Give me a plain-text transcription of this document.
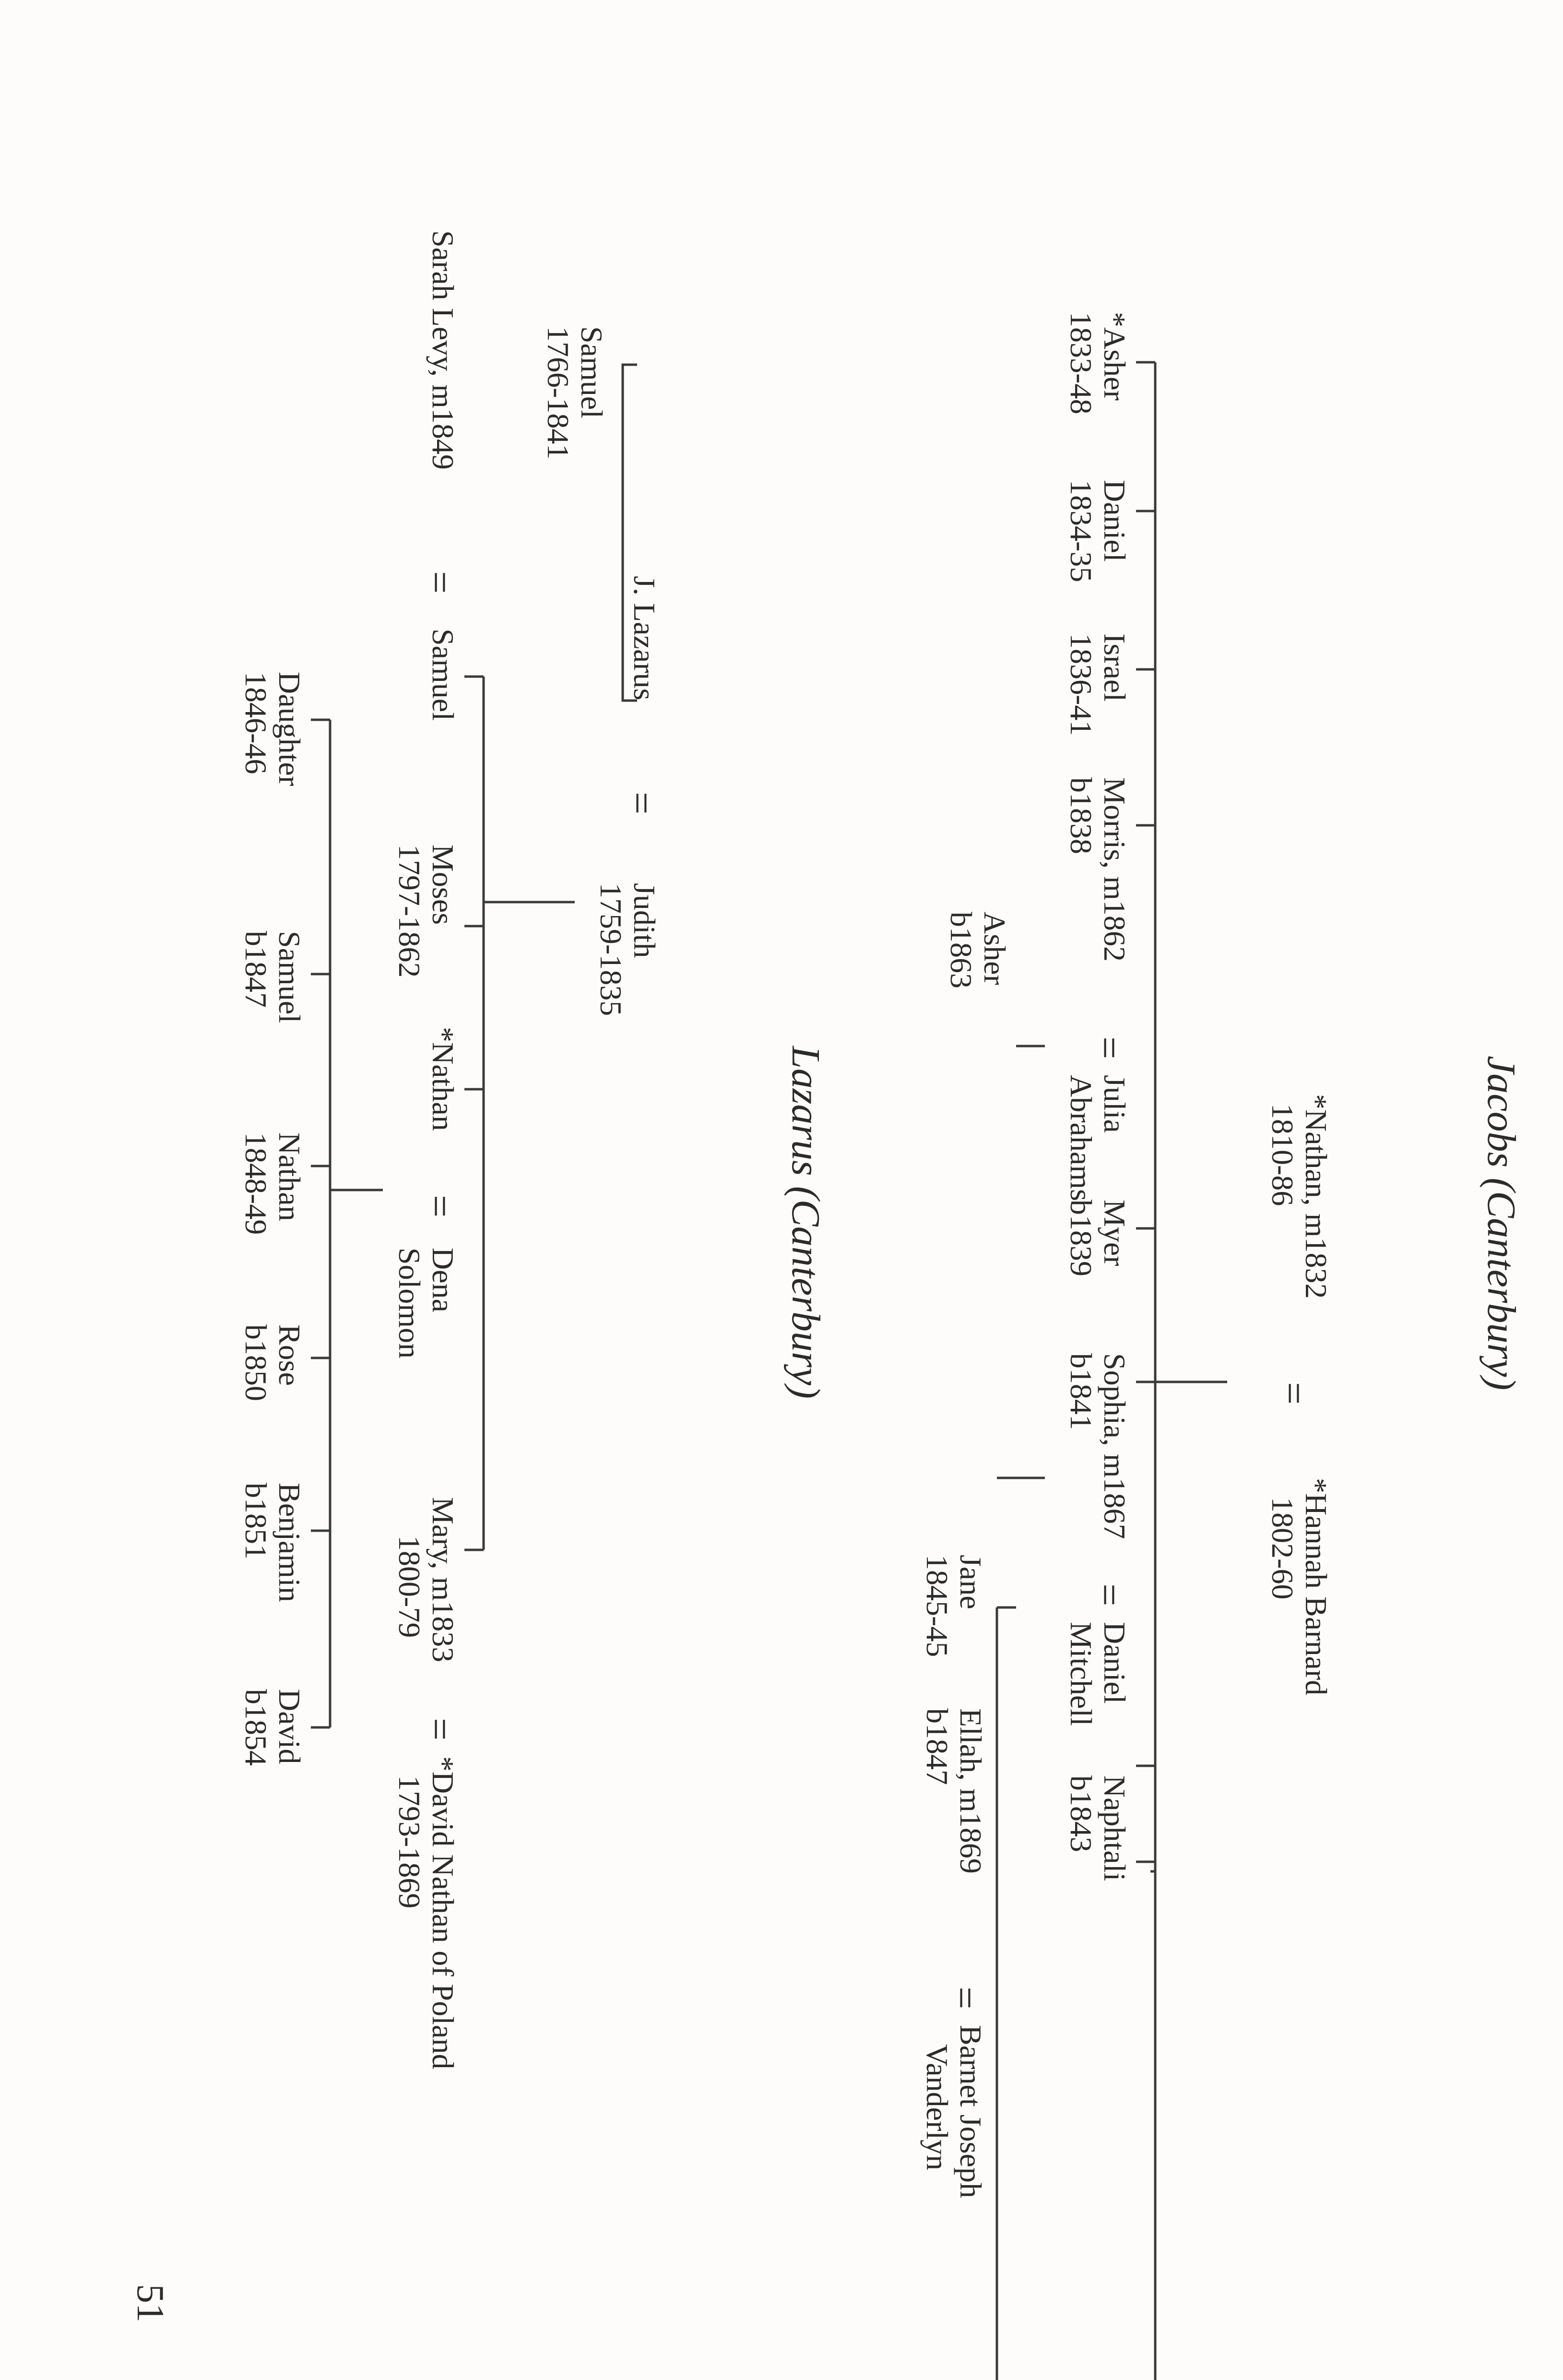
Jacobs (Canterbury)
*Nathan, m1832
1810-86
=
*Hannah Barnard
1802-60
*Asher
1833-48
Daniel
1834-35
Israel
1836-41
Morris, m1862
b1838
=
Julia
Abrahams
Myer
b1839
Sophia, m1867
b1841
=
Daniel
Mitchell
Naphtali
b1843
Asher
b1863
Jane
1845-45
Ellah, m1869
b1847
=
Barnet Joseph
Vanderlyn
Lazarus (Canterbury)
Samuel
1766-1841
J. Lazarus
=
Judith
1759-1835
Sarah Levy, m1849
=
Samuel
Moses
1797-1862
*Nathan
=
Dena
Solomon
Mary, m1833
1800-79
=
*David Nathan of Poland
1793-1869
Daughter
1846-46
Samuel
b1847
Nathan
1848-49
Rose
b1850
Benjamin
b1851
David
b1854
51
